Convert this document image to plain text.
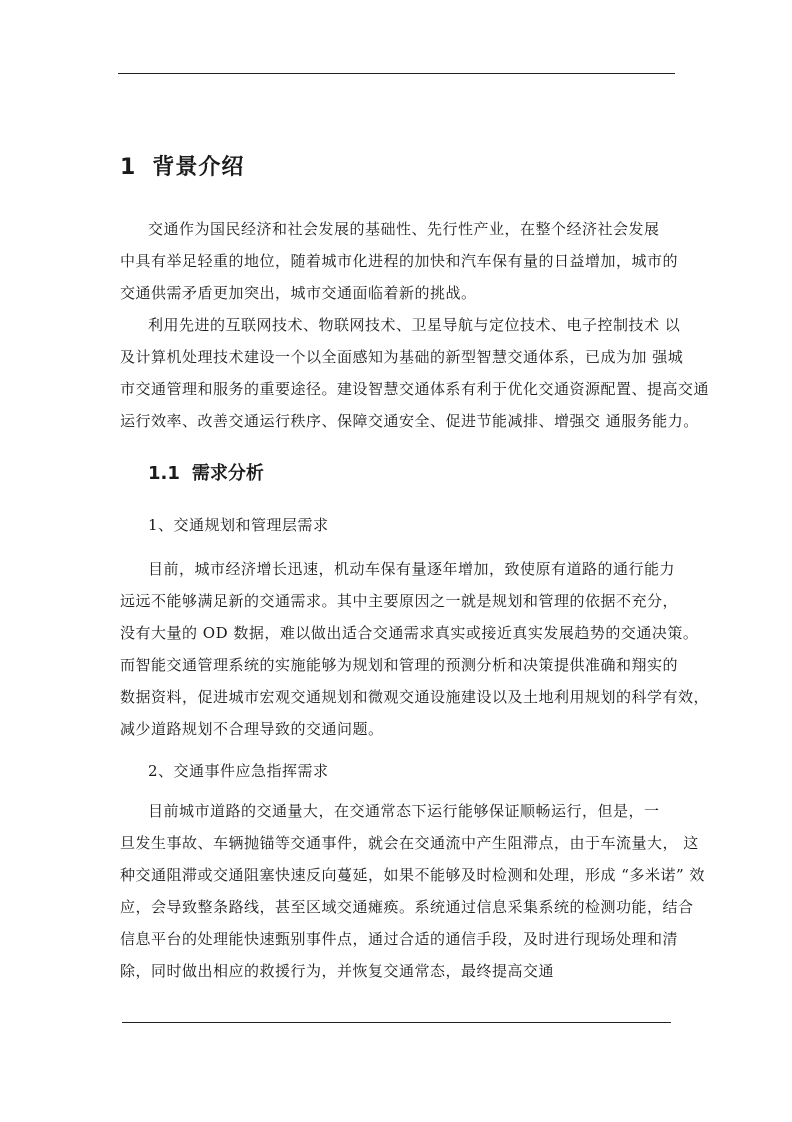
1 背景介绍
交通作为国民经济和社会发展的基础性、先行性产业，在整个经济社会发展
中具有举足轻重的地位，随着城市化进程的加快和汽车保有量的日益增加，城市的
交通供需矛盾更加突出，城市交通面临着新的挑战。
利用先进的互联网技术、物联网技术、卫星导航与定位技术、电子控制技术 以
及计算机处理技术建设一个以全面感知为基础的新型智慧交通体系，已成为加 强城
市交通管理和服务的重要途径。建设智慧交通体系有利于优化交通资源配置、提高交通
运行效率、改善交通运行秩序、保障交通安全、促进节能减排、增强交 通服务能力。
1.1 需求分析
1、交通规划和管理层需求
目前，城市经济增长迅速，机动车保有量逐年增加，致使原有道路的通行能力
远远不能够满足新的交通需求。其中主要原因之一就是规划和管理的依据不充分，
没有大量的 OD 数据，难以做出适合交通需求真实或接近真实发展趋势的交通决策。
而智能交通管理系统的实施能够为规划和管理的预测分析和决策提供准确和翔实的
数据资料，促进城市宏观交通规划和微观交通设施建设以及土地利用规划的科学有效，
减少道路规划不合理导致的交通问题。
2、交通事件应急指挥需求
目前城市道路的交通量大，在交通常态下运行能够保证顺畅运行，但是，一
旦发生事故、车辆抛锚等交通事件，就会在交通流中产生阻滞点，由于车流量大， 这
种交通阻滞或交通阻塞快速反向蔓延，如果不能够及时检测和处理，形成 “多米诺” 效
应，会导致整条路线，甚至区域交通瘫痪。系统通过信息采集系统的检测功能，结合
信息平台的处理能快速甄别事件点，通过合适的通信手段，及时进行现场处理和清
除，同时做出相应的救援行为，并恢复交通常态，最终提高交通
